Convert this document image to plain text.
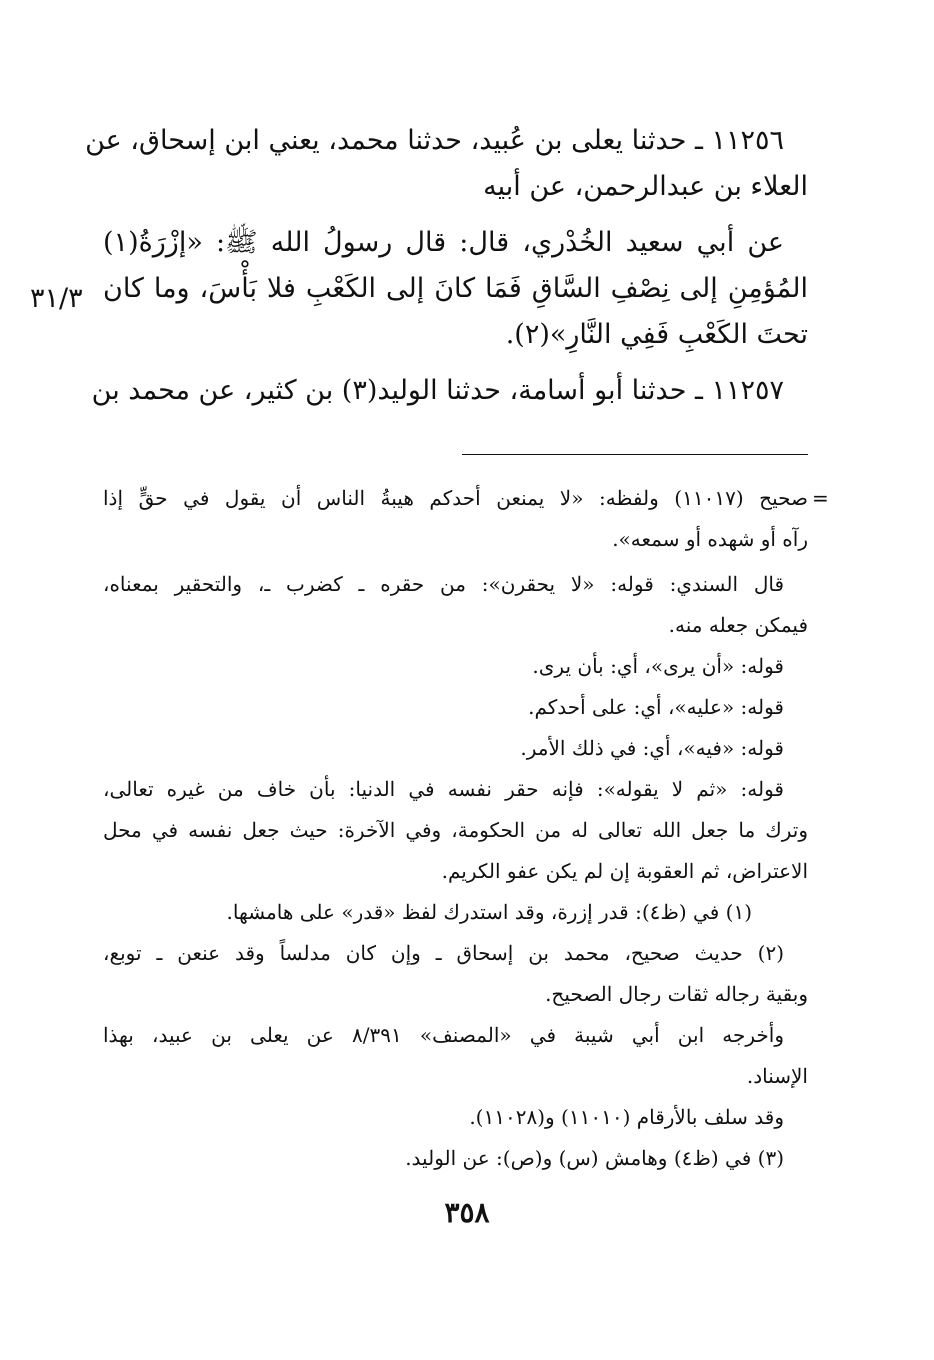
١١٢٥٦ ـ حدثنا يعلى بن عُبيد، حدثنا محمد، يعني ابن إسحاق، عن
العلاء بن عبدالرحمن، عن أبيه
عن أبي سعيد الخُدْري، قال: قال رسولُ الله ﷺ: «إزْرَةُ(١)
المُؤمِنِ إلى نِصْفِ السَّاقِ فَمَا كانَ إلى الكَعْبِ فلا بَأْسَ، وما كان
تحتَ الكَعْبِ فَفِي النَّارِ»(٢).
١١٢٥٧ ـ حدثنا أبو أسامة، حدثنا الوليد(٣) بن كثير، عن محمد بن
٣١/٣
=
صحيح (١١٠١٧) ولفظه: «لا يمنعن أحدكم هيبةُ الناس أن يقول في حقٍّ إذا
رآه أو شهده أو سمعه».
قال السندي: قوله: «لا يحقرن»: من حقره ـ كضرب ـ، والتحقير بمعناه،
فيمكن جعله منه.
قوله: «أن يرى»، أي: بأن يرى.
قوله: «عليه»، أي: على أحدكم.
قوله: «فيه»، أي: في ذلك الأمر.
قوله: «ثم لا يقوله»: فإنه حقر نفسه في الدنيا: بأن خاف من غيره تعالى،
وترك ما جعل الله تعالى له من الحكومة، وفي الآخرة: حيث جعل نفسه في محل
الاعتراض، ثم العقوبة إن لم يكن عفو الكريم.
(١) في (ظ٤): قدر إزرة، وقد استدرك لفظ «قدر» على هامشها.
(٢) حديث صحيح، محمد بن إسحاق ـ وإن كان مدلساً وقد عنعن ـ توبع،
وبقية رجاله ثقات رجال الصحيح.
وأخرجه ابن أبي شيبة في «المصنف» ٨/٣٩١ عن يعلى بن عبيد، بهذا
الإسناد.
وقد سلف بالأرقام (١١٠١٠) و(١١٠٢٨).
(٣) في (ظ٤) وهامش (س) و(ص): عن الوليد.
٣٥٨
